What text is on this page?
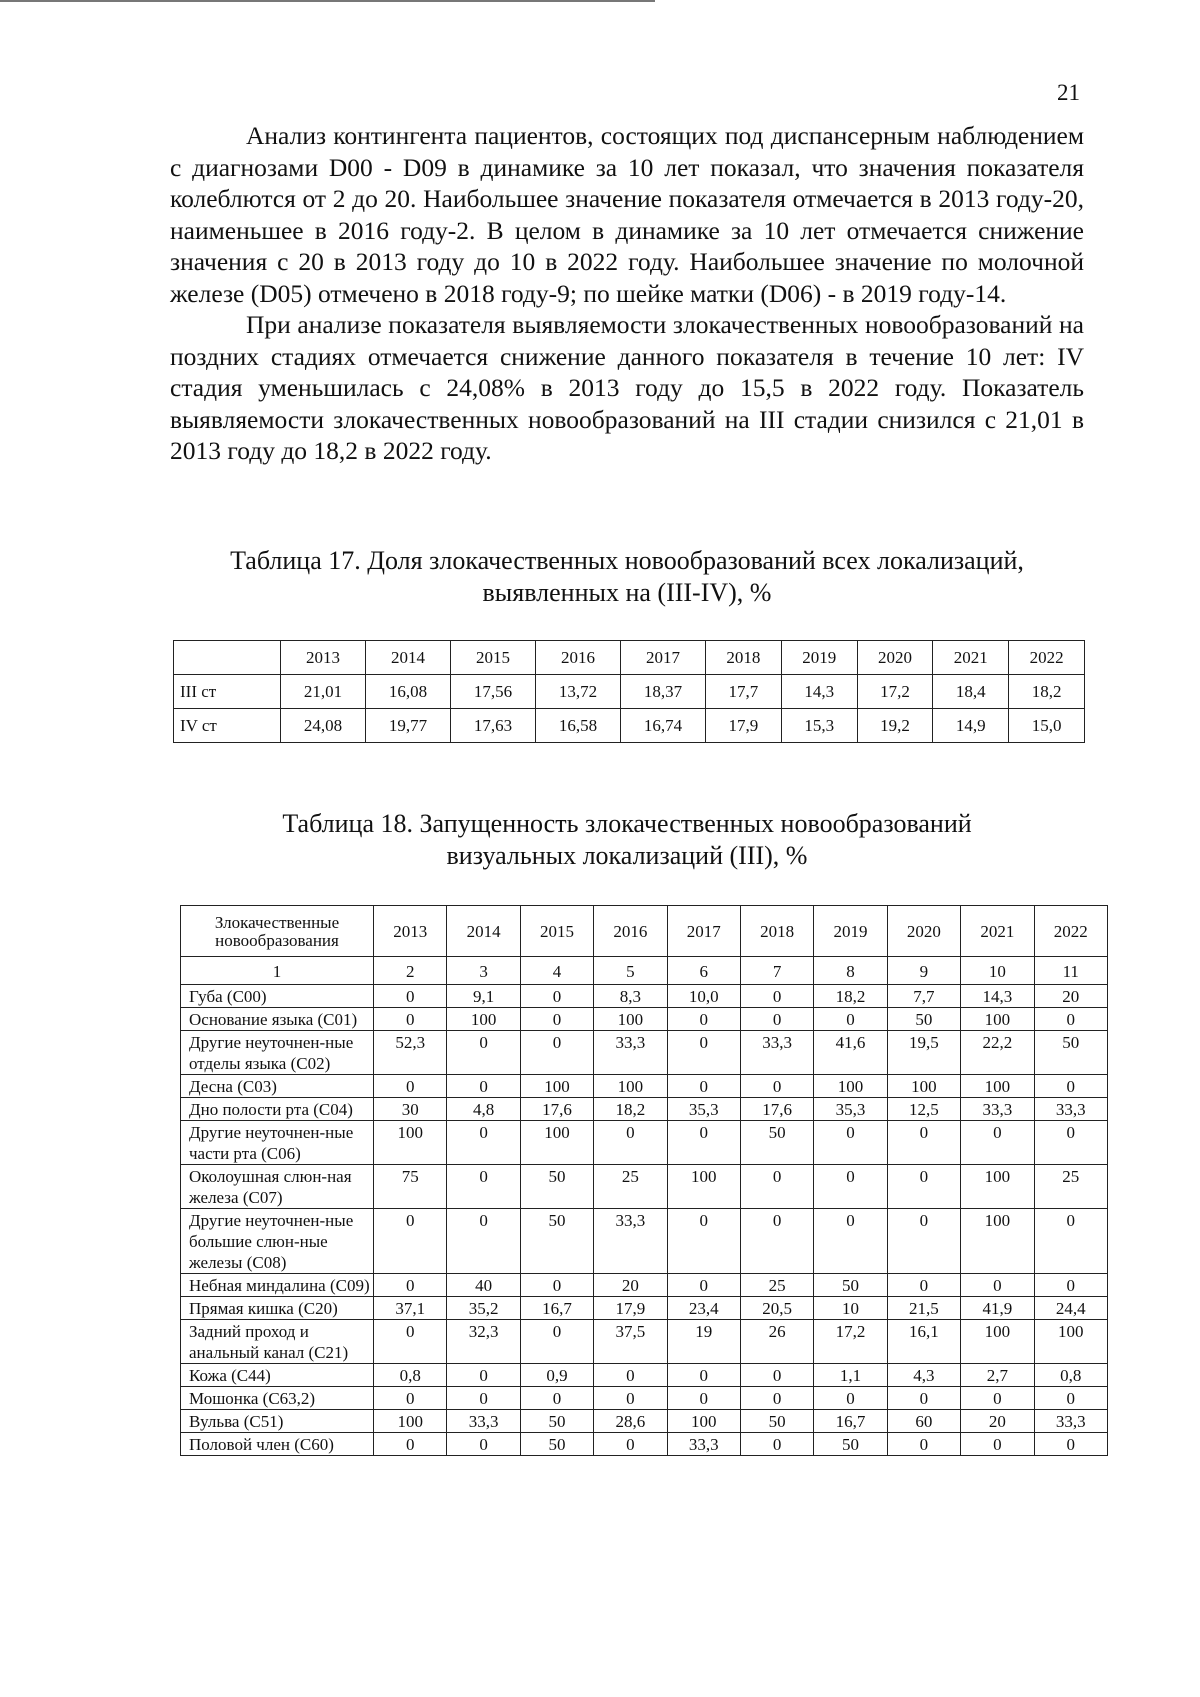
21

Анализ контингента пациентов, состоящих под диспансерным наблюдением с диагнозами D00 - D09 в динамике за 10 лет показал, что значения показателя колеблются от 2 до 20. Наибольшее значение показателя отмечается в 2013 году-20, наименьшее в 2016 году-2. В целом в динамике за 10 лет отмечается снижение значения с 20 в 2013 году до 10 в 2022 году. Наибольшее значение по молочной железе (D05) отмечено в 2018 году-9; по шейке матки (D06) - в 2019 году-14.

При анализе показателя выявляемости злокачественных новообразований на поздних стадиях отмечается снижение данного показателя в течение 10 лет: IV стадия уменьшилась с 24,08% в 2013 году до 15,5 в 2022 году. Показатель выявляемости злокачественных новообразований на III стадии снизился с 21,01 в 2013 году до 18,2 в 2022 году.

Таблица 17. Доля злокачественных новообразований всех локализаций,
выявленных на (III-IV), %
	2013	2014	2015	2016	2017	2018	2019	2020	2021	2022
III ст	21,01	16,08	17,56	13,72	18,37	17,7	14,3	17,2	18,4	18,2
IV ст	24,08	19,77	17,63	16,58	16,74	17,9	15,3	19,2	14,9	15,0
Таблица 18. Запущенность злокачественных новообразований
визуальных локализаций (III), %
Злокачественные новообразования	2013	2014	2015	2016	2017	2018	2019	2020	2021	2022
1	2	3	4	5	6	7	8	9	10	11
Губа (С00)	0	9,1	0	8,3	10,0	0	18,2	7,7	14,3	20
Основание языка (С01)	0	100	0	100	0	0	0	50	100	0
Другие неуточнен-ные отделы языка (С02)	52,3	0	0	33,3	0	33,3	41,6	19,5	22,2	50
Десна (С03)	0	0	100	100	0	0	100	100	100	0
Дно полости рта (С04)	30	4,8	17,6	18,2	35,3	17,6	35,3	12,5	33,3	33,3
Другие неуточнен-ные части рта (С06)	100	0	100	0	0	50	0	0	0	0
Околоушная слюн-ная железа (С07)	75	0	50	25	100	0	0	0	100	25
Другие неуточнен-ные большие слюн-ные железы (С08)	0	0	50	33,3	0	0	0	0	100	0
Небная миндалина (С09)	0	40	0	20	0	25	50	0	0	0
Прямая кишка (С20)	37,1	35,2	16,7	17,9	23,4	20,5	10	21,5	41,9	24,4
Задний проход и анальный канал (С21)	0	32,3	0	37,5	19	26	17,2	16,1	100	100
Кожа (С44)	0,8	0	0,9	0	0	0	1,1	4,3	2,7	0,8
Мошонка (С63,2)	0	0	0	0	0	0	0	0	0	0
Вульва (С51)	100	33,3	50	28,6	100	50	16,7	60	20	33,3
Половой член (С60)	0	0	50	0	33,3	0	50	0	0	0
